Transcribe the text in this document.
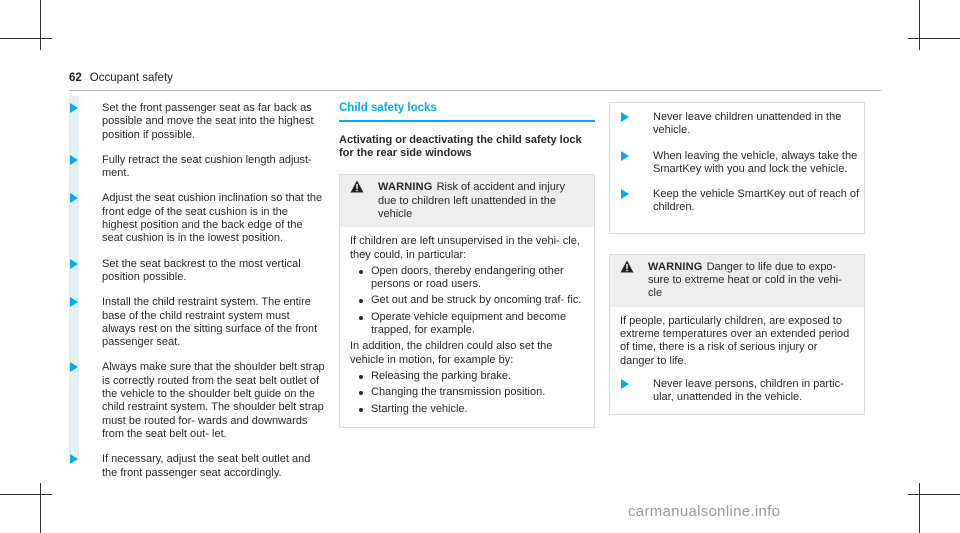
62 Occupant safety
Set the front passenger seat as far back as possible and move the seat into the highest position if possible.
Fully retract the seat cushion length adjust- ment.
Adjust the seat cushion inclination so that the front edge of the seat cushion is in the highest position and the back edge of the seat cushion is in the lowest position.
Set the seat backrest to the most vertical position possible.
Install the child restraint system. The entire base of the child restraint system must always rest on the sitting surface of the front passenger seat.
Always make sure that the shoulder belt strap is correctly routed from the seat belt outlet of the vehicle to the shoulder belt guide on the child restraint system. The shoulder belt strap must be routed for- wards and downwards from the seat belt out- let.
If necessary, adjust the seat belt outlet and the front passenger seat accordingly.
Child safety locks
Activating or deactivating the child safety lock for the rear side windows
WARNING Risk of accident and injury due to children left unattended in the vehicle

If children are left unsupervised in the vehi- cle, they could, in particular:

Open doors, thereby endangering other persons or road users.
Get out and be struck by oncoming traf- fic.
Operate vehicle equipment and become trapped, for example.

In addition, the children could also set the vehicle in motion, for example by:

Releasing the parking brake.
Changing the transmission position.
Starting the vehicle.
Never leave children unattended in the vehicle.
When leaving the vehicle, always take the SmartKey with you and lock the vehicle.
Keep the vehicle SmartKey out of reach of children.
WARNING Danger to life due to expo- sure to extreme heat or cold in the vehi- cle

If people, particularly children, are exposed to extreme temperatures over an extended period of time, there is a risk of serious injury or danger to life.

Never leave persons, children in partic- ular, unattended in the vehicle.
carmanualsonline.info
